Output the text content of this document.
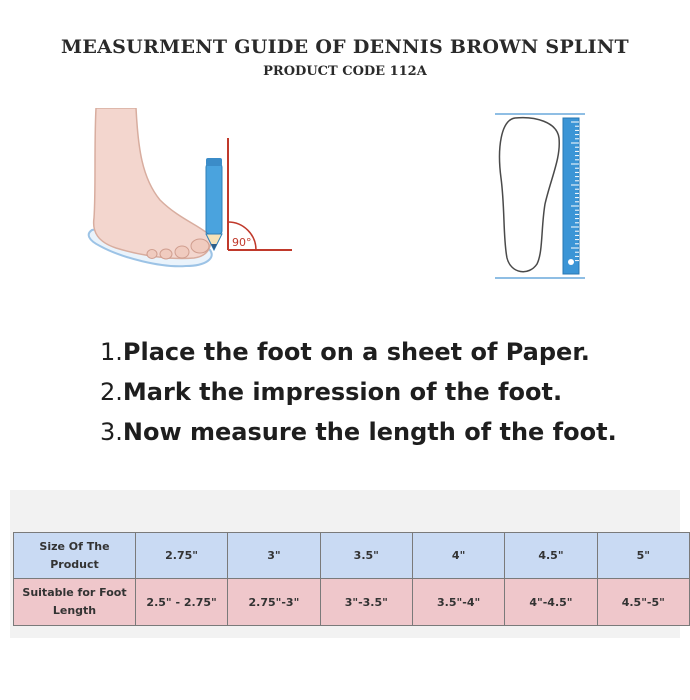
MEASURMENT GUIDE OF DENNIS BROWN SPLINT
PRODUCT CODE 112A
90°
1.Place the foot on a sheet of Paper.
2.Mark the impression of the foot.
3.Now measure the length of the foot.
Size Of The
Product	2.75"	3"	3.5"	4"	4.5"	5"
Suitable for Foot
Length	2.5" - 2.75"	2.75"-3"	3"-3.5"	3.5"-4"	4"-4.5"	4.5"-5"
